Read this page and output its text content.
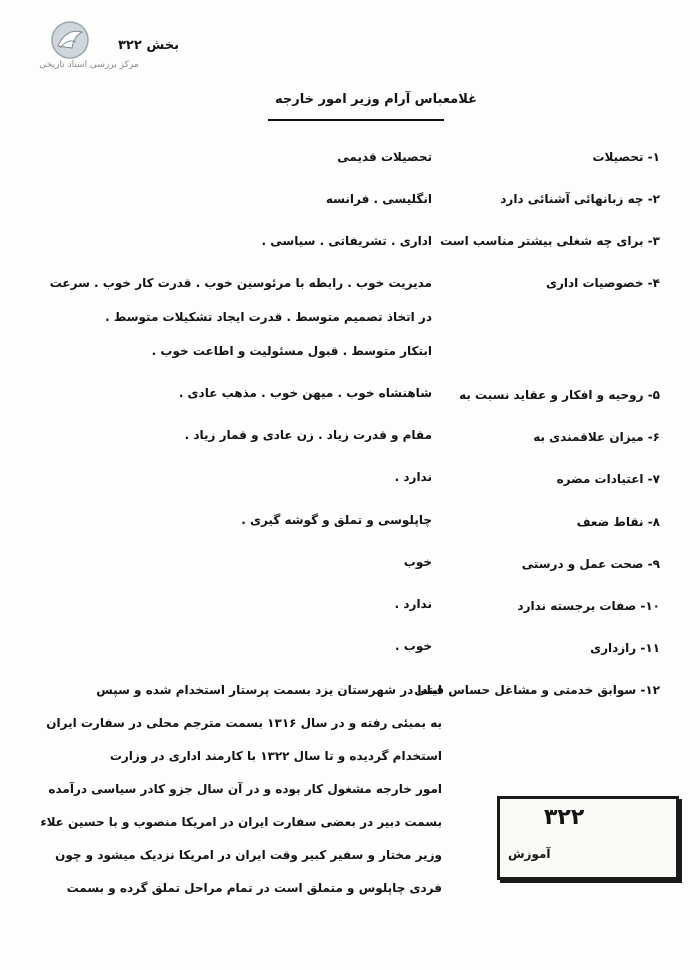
مرکز بررسی اسناد تاریخی
بخش ۳۲۲
غلامعباس آرام وزیر امور خارجه
۱- تحصیلات
تحصیلات قدیمی
۲- چه زبانهائی آشنائی دارد
انگلیسی . فرانسه
۳- برای چه شغلی بیشتر مناسب است
اداری . تشریفاتی . سیاسی .
۴- خصوصیات اداری
مدیریت خوب . رابطه با مرئوسین خوب . قدرت کار خوب . سرعت
در اتخاذ تصمیم متوسط . قدرت ایجاد تشکیلات متوسط .
ابتکار متوسط . قبول مسئولیت و اطاعت خوب .
۵- روحیه و افکار و عقاید نسبت به
شاهنشاه خوب . میهن خوب . مذهب عادی .
۶- میزان علاقمندی به
مقام و قدرت زیاد . زن عادی و قمار زیاد .
۷- اعتیادات مضره
ندارد .
۸- نقاط ضعف
چاپلوسی و تملق و گوشه گیری .
۹- صحت عمل و درستی
خوب
۱۰- صفات برجسته ندارد
ندارد .
۱۱- رازداری
خوب .
۱۲- سوابق خدمتی و مشاغل حساس قبلی
ابتدا در شهرستان یزد بسمت پرستار استخدام شده و سپس
به بمبئی رفته و در سال ۱۳۱۶ بسمت مترجم محلی در سفارت ایران
استخدام گردیده و تا سال ۱۳۲۲ با کارمند اداری در وزارت
امور خارجه مشغول کار بوده و در آن سال جزو کادر سیاسی درآمده
بسمت دبیر در بعضی سفارت ایران در امریکا منصوب و با حسین علاء
وزیر مختار و سفیر کبیر وقت ایران در امریکا نزدیک میشود و چون
فردی چاپلوس و متملق است در تمام مراحل تملق گرده و بسمت
۳۲۲
آموزش
